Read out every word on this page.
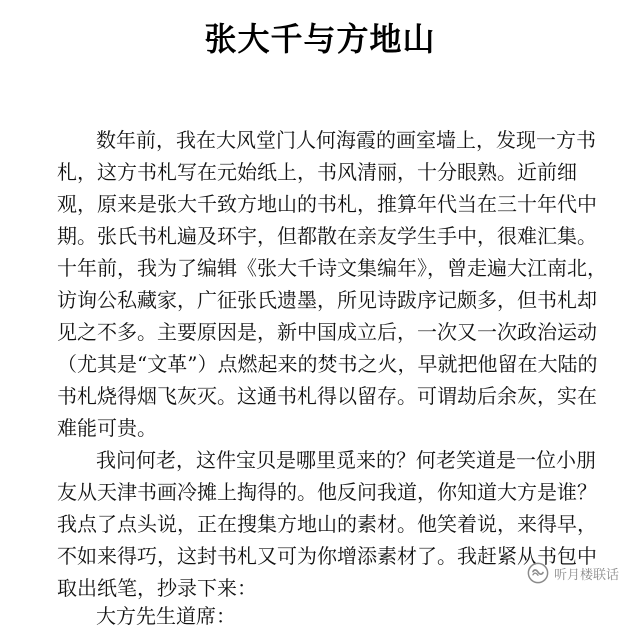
张大千与方地山

数年前，我在大风堂门人何海霞的画室墙上，发现一方书

札，这方书札写在元始纸上，书风清丽，十分眼熟。近前细

观，原来是张大千致方地山的书札，推算年代当在三十年代中

期。张氏书札遍及环宇，但都散在亲友学生手中，很难汇集。

十年前，我为了编辑《张大千诗文集编年》，曾走遍大江南北，

访询公私藏家，广征张氏遗墨，所见诗跋序记颇多，但书札却

见之不多。主要原因是，新中国成立后，一次又一次政治运动

（尤其是“文革”）点燃起来的焚书之火，早就把他留在大陆的

书札烧得烟飞灰灭。这通书札得以留存。可谓劫后余灰，实在

难能可贵。

我问何老，这件宝贝是哪里觅来的？何老笑道是一位小朋

友从天津书画冷摊上掏得的。他反问我道，你知道大方是谁？

我点了点头说，正在搜集方地山的素材。他笑着说，来得早，

不如来得巧，这封书札又可为你增添素材了。我赶紧从书包中

取出纸笔，抄录下来：

大方先生道席：

听月楼联话
